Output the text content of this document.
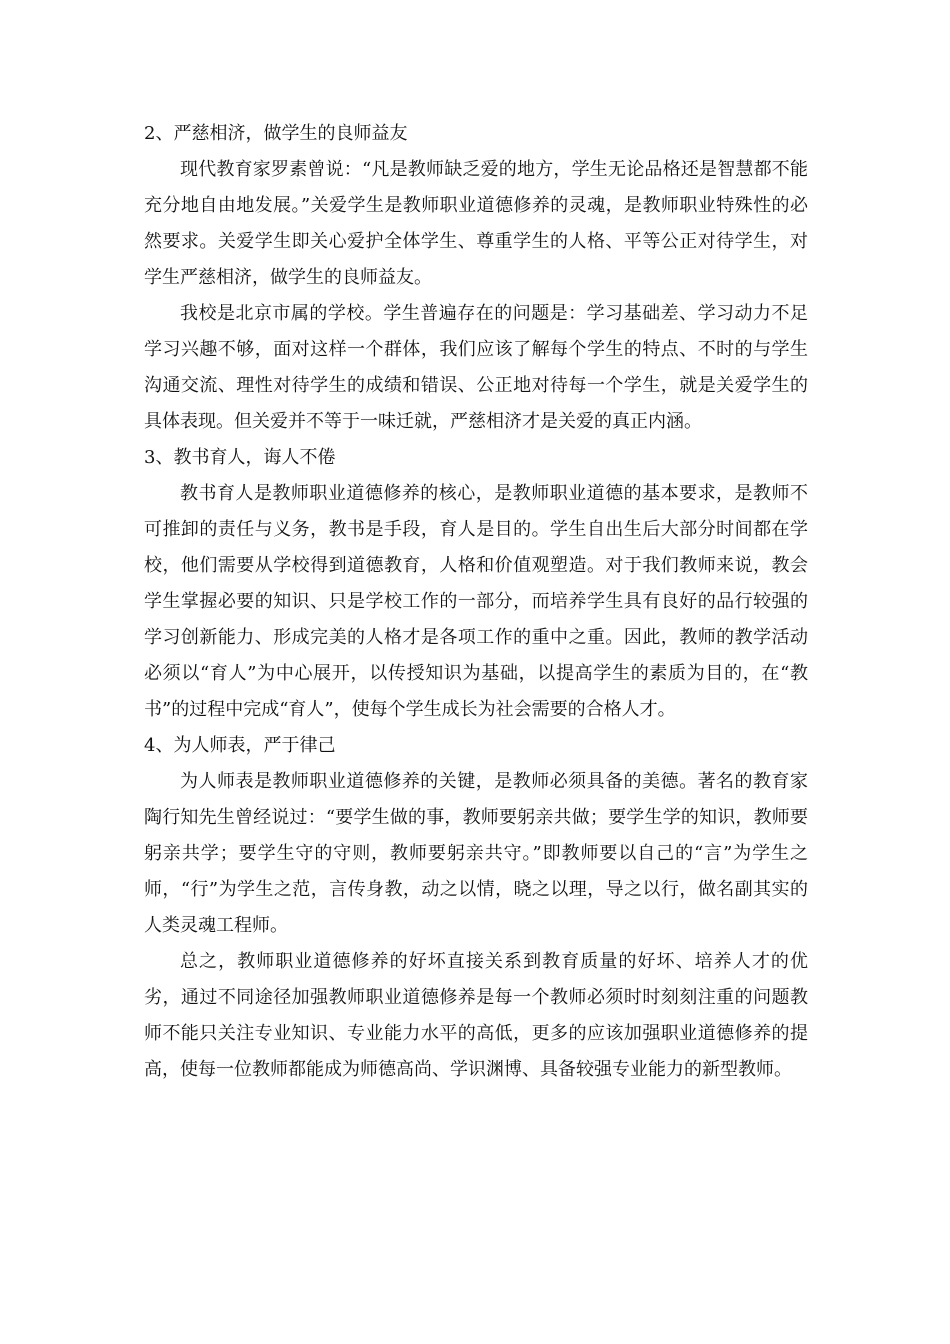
2、严慈相济，做学生的良师益友

现代教育家罗素曾说：“凡是教师缺乏爱的地方，学生无论品格还是智慧都不能充分地自由地发展。”关爱学生是教师职业道德修养的灵魂，是教师职业特殊性的必然要求。关爱学生即关心爱护全体学生、尊重学生的人格、平等公正对待学生，对学生严慈相济，做学生的良师益友。

我校是北京市属的学校。学生普遍存在的问题是：学习基础差、学习动力不足学习兴趣不够，面对这样一个群体，我们应该了解每个学生的特点、不时的与学生沟通交流、理性对待学生的成绩和错误、公正地对待每一个学生，就是关爱学生的具体表现。但关爱并不等于一味迁就，严慈相济才是关爱的真正内涵。

3、教书育人，诲人不倦

教书育人是教师职业道德修养的核心，是教师职业道德的基本要求，是教师不可推卸的责任与义务，教书是手段，育人是目的。学生自出生后大部分时间都在学校，他们需要从学校得到道德教育，人格和价值观塑造。对于我们教师来说，教会学生掌握必要的知识、只是学校工作的一部分，而培养学生具有良好的品行较强的学习创新能力、形成完美的人格才是各项工作的重中之重。因此，教师的教学活动必须以“育人”为中心展开，以传授知识为基础，以提高学生的素质为目的，在“教书”的过程中完成“育人”，使每个学生成长为社会需要的合格人才。

4、为人师表，严于律己

为人师表是教师职业道德修养的关键，是教师必须具备的美德。著名的教育家陶行知先生曾经说过：“要学生做的事，教师要躬亲共做；要学生学的知识，教师要躬亲共学；要学生守的守则，教师要躬亲共守。”即教师要以自己的“言”为学生之师，“行”为学生之范，言传身教，动之以情，晓之以理，导之以行，做名副其实的人类灵魂工程师。

总之，教师职业道德修养的好坏直接关系到教育质量的好坏、培养人才的优劣，通过不同途径加强教师职业道德修养是每一个教师必须时时刻刻注重的问题教师不能只关注专业知识、专业能力水平的高低，更多的应该加强职业道德修养的提高，使每一位教师都能成为师德高尚、学识渊博、具备较强专业能力的新型教师。
